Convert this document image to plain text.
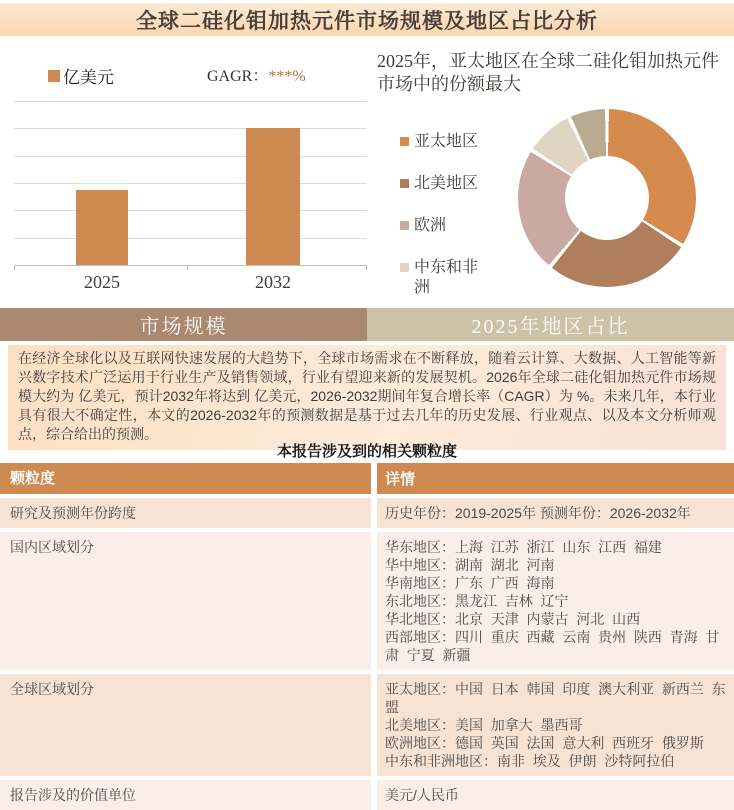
全球二硅化钼加热元件市场规模及地区占比分析
亿美元	GAGR：***%
2025	2032
2025年，亚太地区在全球二硅化钼加热元件市场中的份额最大
亚太地区
北美地区
欧洲
中东和非洲
市场规模	2025年地区占比
在经济全球化以及互联网快速发展的大趋势下，全球市场需求在不断释放，随着云计算、大数据、人工智能等新兴数字技术广泛运用于行业生产及销售领域，行业有望迎来新的发展契机。2026年全球二硅化钼加热元件市场规模大约为 亿美元，预计2032年将达到 亿美元，2026-2032期间年复合增长率（CAGR）为 %。未来几年，本行业具有很大不确定性，本文的2026-2032年的预测数据是基于过去几年的历史发展、行业观点、以及本文分析师观点，综合给出的预测。
本报告涉及到的相关颗粒度
颗粒度	详情
研究及预测年份跨度	历史年份：2019-2025年 预测年份：2026-2032年
国内区域划分	华东地区：上海  江苏  浙江  山东  江西  福建
华中地区：湖南  湖北  河南
华南地区：广东  广西  海南
东北地区：黑龙江  吉林  辽宁
华北地区：北京  天津  内蒙古  河北  山西
西部地区：四川  重庆  西藏  云南  贵州  陕西  青海  甘肃  宁夏  新疆
全球区域划分	亚太地区：中国  日本  韩国  印度  澳大利亚  新西兰  东盟
北美地区：美国  加拿大  墨西哥
欧洲地区：德国  英国  法国  意大利  西班牙  俄罗斯
中东和非洲地区：南非  埃及  伊朗  沙特阿拉伯
报告涉及的价值单位	美元/人民币
